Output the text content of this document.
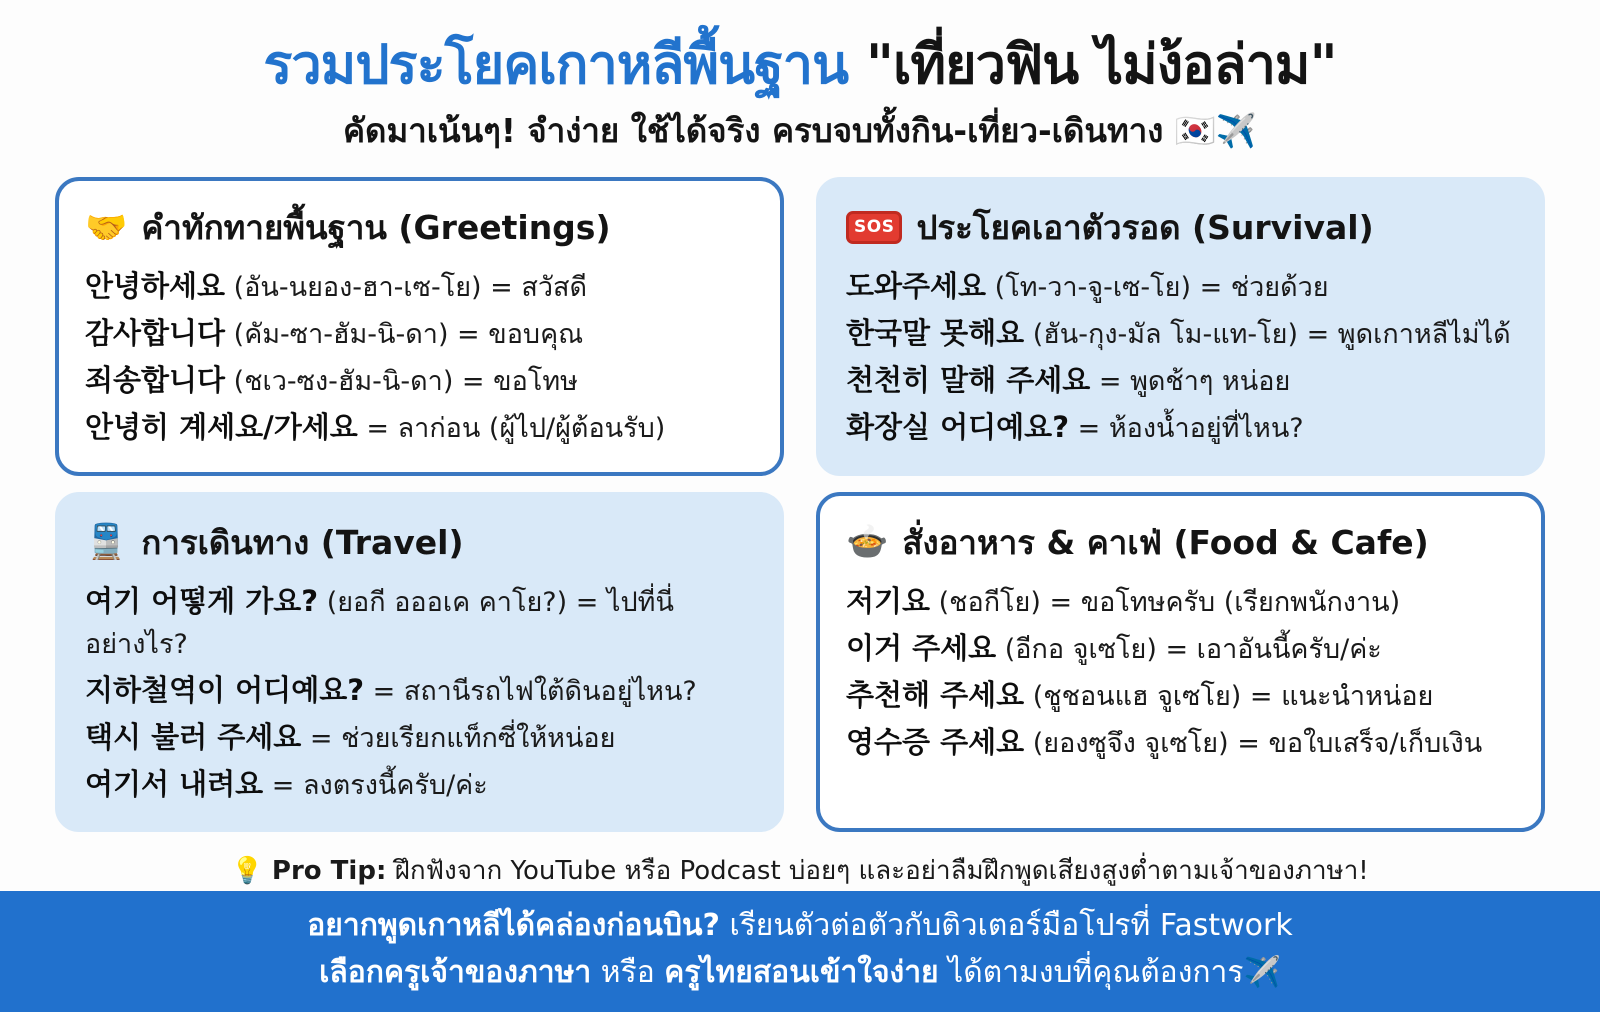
รวมประโยคเกาหลีพื้นฐาน "เที่ยวฟิน ไม่ง้อล่าม"
คัดมาเน้นๆ! จำง่าย ใช้ได้จริง ครบจบทั้งกิน-เที่ยว-เดินทาง 🇰🇷✈️
🤝 คำทักทายพื้นฐาน (Greetings)

안녕하세요 (อัน-นยอง-ฮา-เซ-โย) = สวัสดี

감사합니다 (คัม-ซา-ฮัม-นิ-ดา) = ขอบคุณ

죄송합니다 (ชเว-ซง-ฮัม-นิ-ดา) = ขอโทษ

안녕히 계세요/가세요 = ลาก่อน (ผู้ไป/ผู้ต้อนรับ)

SOS ประโยคเอาตัวรอด (Survival)

도와주세요 (โท-วา-จู-เซ-โย) = ช่วยด้วย

한국말 못해요 (ฮัน-กุง-มัล โม-แท-โย) = พูดเกาหลีไม่ได้

천천히 말해 주세요 = พูดช้าๆ หน่อย

화장실 어디예요? = ห้องน้ำอยู่ที่ไหน?

🚆 การเดินทาง (Travel)

여기 어떻게 가요? (ยอกี อออเค คาโย?) = ไปที่นี่อย่างไร?

지하철역이 어디예요? = สถานีรถไฟใต้ดินอยู่ไหน?

택시 불러 주세요 = ช่วยเรียกแท็กซี่ให้หน่อย

여기서 내려요 = ลงตรงนี้ครับ/ค่ะ

🍲 สั่งอาหาร & คาเฟ่ (Food & Cafe)

저기요 (ชอกีโย) = ขอโทษครับ (เรียกพนักงาน)

이거 주세요 (อีกอ จูเซโย) = เอาอันนี้ครับ/ค่ะ

추천해 주세요 (ชูชอนแฮ จูเซโย) = แนะนำหน่อย

영수증 주세요 (ยองซูจึง จูเซโย) = ขอใบเสร็จ/เก็บเงิน

💡 Pro Tip: ฝึกฟังจาก YouTube หรือ Podcast บ่อยๆ และอย่าลืมฝึกพูดเสียงสูงต่ำตามเจ้าของภาษา!
อยากพูดเกาหลีได้คล่องก่อนบิน? เรียนตัวต่อตัวกับติวเตอร์มือโปรที่ Fastwork
เลือกครูเจ้าของภาษา หรือ ครูไทยสอนเข้าใจง่าย ได้ตามงบที่คุณต้องการ✈️
